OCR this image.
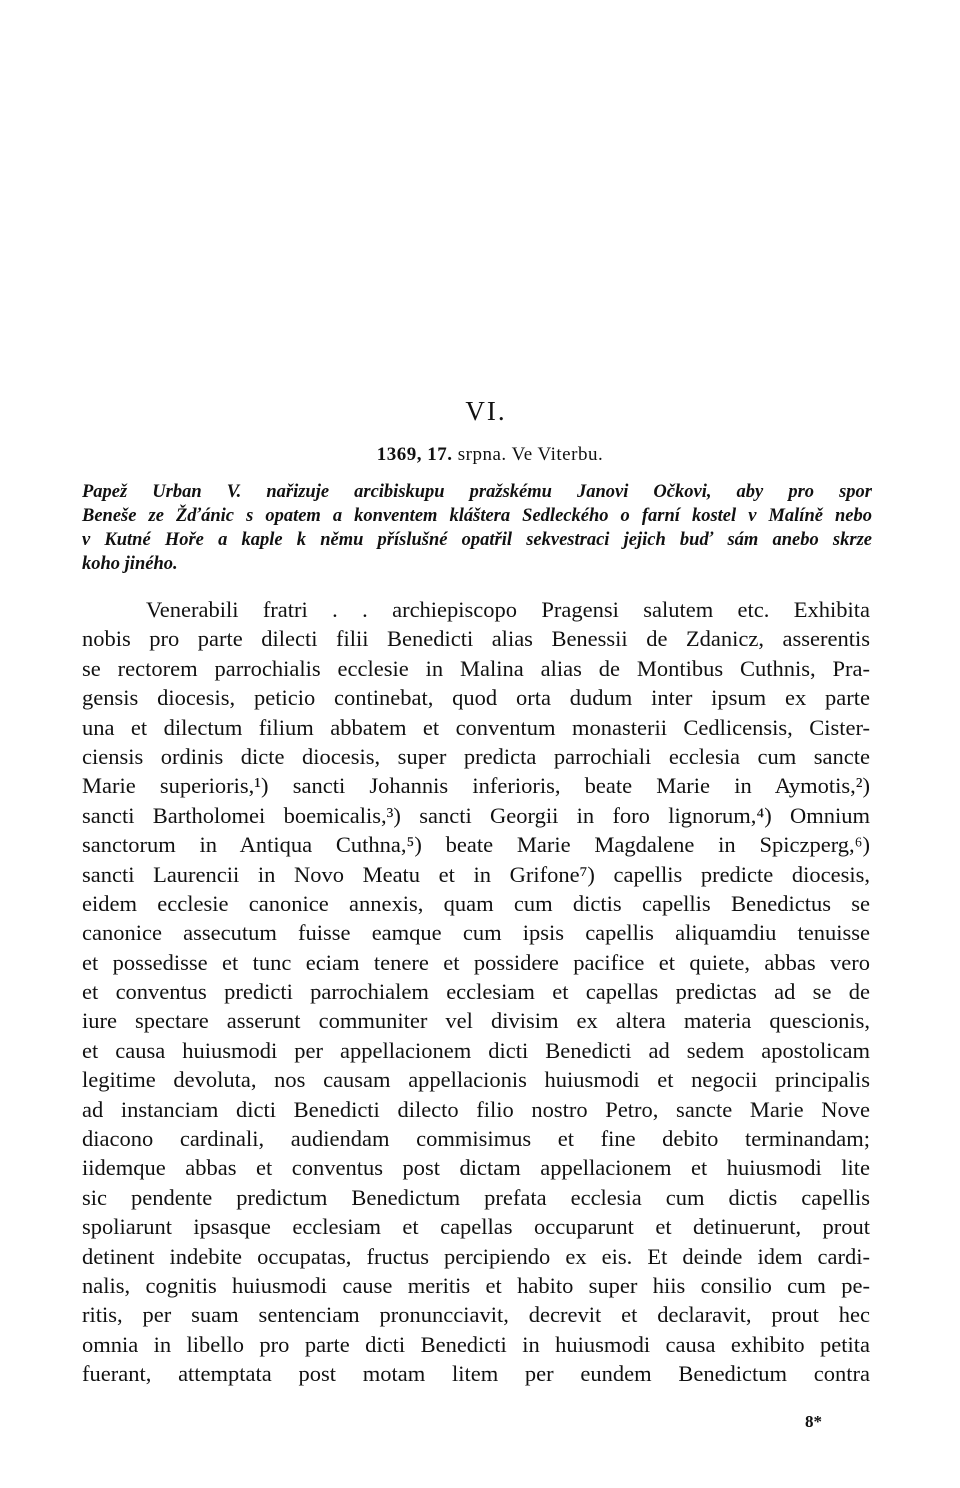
VI.
1369, 17. srpna. Ve Viterbu.
Papež Urban V. nařizuje arcibiskupu pražskému Janovi Očkovi, aby pro spor
Beneše ze Žďánic s opatem a konventem kláštera Sedleckého o farní kostel v Malíně nebo
v Kutné Hoře a kaple k němu příslušné opatřil sekvestraci jejich buď sám anebo skrze
koho jiného.
Venerabili fratri . . archiepiscopo Pragensi salutem etc. Exhibita
nobis pro parte dilecti filii Benedicti alias Benessii de Zdanicz, asserentis
se rectorem parrochialis ecclesie in Malina alias de Montibus Cuthnis, Pra-
gensis diocesis, peticio continebat, quod orta dudum inter ipsum ex parte
una et dilectum filium abbatem et conventum monasterii Cedlicensis, Cister-
ciensis ordinis dicte diocesis, super predicta parrochiali ecclesia cum sancte
Marie superioris,¹) sancti Johannis inferioris, beate Marie in Aymotis,²)
sancti Bartholomei boemicalis,³) sancti Georgii in foro lignorum,⁴) Omnium
sanctorum in Antiqua Cuthna,⁵) beate Marie Magdalene in Spiczperg,⁶)
sancti Laurencii in Novo Meatu et in Grifone⁷) capellis predicte diocesis,
eidem ecclesie canonice annexis, quam cum dictis capellis Benedictus se
canonice assecutum fuisse eamque cum ipsis capellis aliquamdiu tenuisse
et possedisse et tunc eciam tenere et possidere pacifice et quiete, abbas vero
et conventus predicti parrochialem ecclesiam et capellas predictas ad se de
iure spectare asserunt communiter vel divisim ex altera materia quescionis,
et causa huiusmodi per appellacionem dicti Benedicti ad sedem apostolicam
legitime devoluta, nos causam appellacionis huiusmodi et negocii principalis
ad instanciam dicti Benedicti dilecto filio nostro Petro, sancte Marie Nove
diacono cardinali, audiendam commisimus et fine debito terminandam;
iidemque abbas et conventus post dictam appellacionem et huiusmodi lite
sic pendente predictum Benedictum prefata ecclesia cum dictis capellis
spoliarunt ipsasque ecclesiam et capellas occuparunt et detinuerunt, prout
detinent indebite occupatas, fructus percipiendo ex eis. Et deinde idem cardi-
nalis, cognitis huiusmodi cause meritis et habito super hiis consilio cum pe-
ritis, per suam sentenciam pronuncciavit, decrevit et declaravit, prout hec
omnia in libello pro parte dicti Benedicti in huiusmodi causa exhibito petita
fuerant, attemptata post motam litem per eundem Benedictum contra
8*
